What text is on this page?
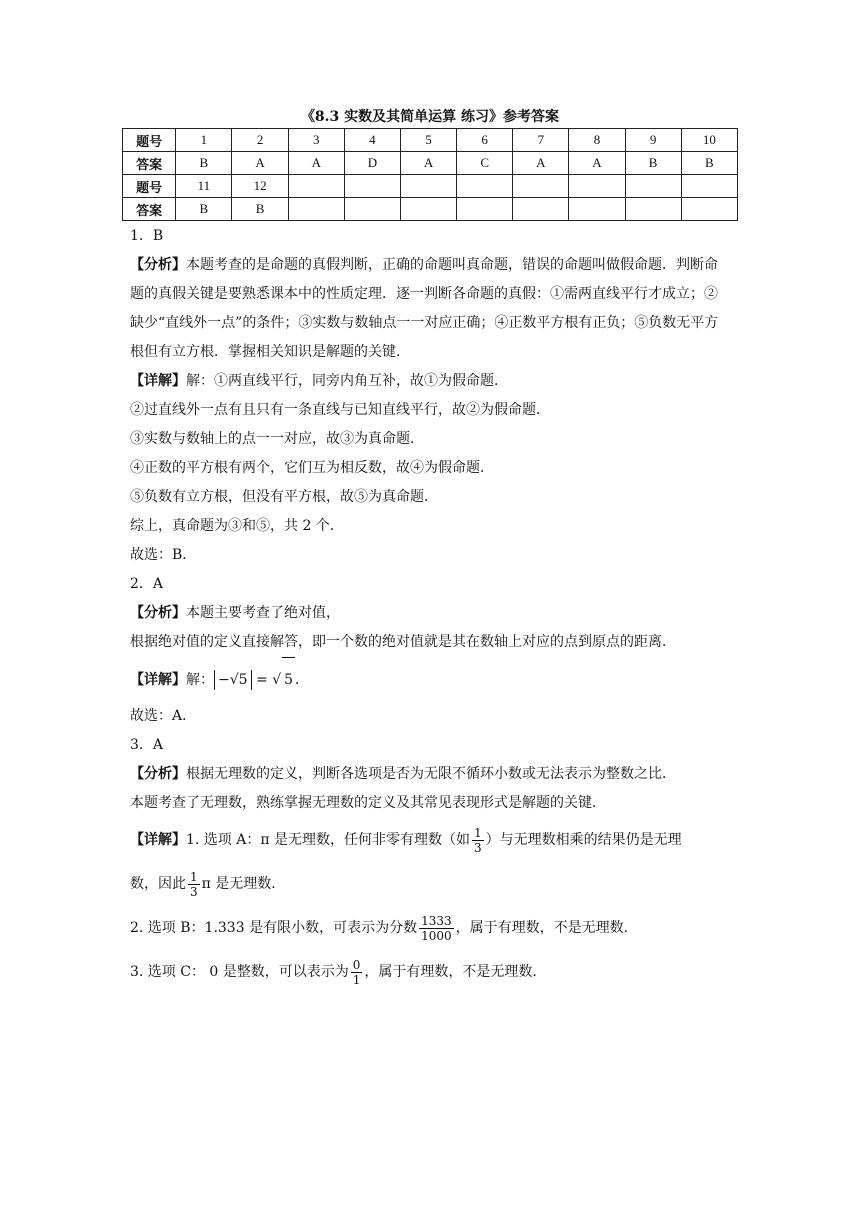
《8.3 实数及其简单运算 练习》参考答案
题号	1	2	3	4	5	6	7	8	9	10
答案	B	A	A	D	A	C	A	A	B	B
题号	11	12								
答案	B	B								

1．B

【分析】本题考查的是命题的真假判断，正确的命题叫真命题，错误的命题叫做假命题．判断命题的真假关键是要熟悉课本中的性质定理．逐一判断各命题的真假：①需两直线平行才成立；②缺少“直线外一点”的条件；③实数与数轴点一一对应正确；④正数平方根有正负；⑤负数无平方根但有立方根．掌握相关知识是解题的关键．

【详解】解：①两直线平行，同旁内角互补，故①为假命题．

②过直线外一点有且只有一条直线与已知直线平行，故②为假命题．

③实数与数轴上的点一一对应，故③为真命题．

④正数的平方根有两个，它们互为相反数，故④为假命题．

⑤负数有立方根，但没有平方根，故⑤为真命题．

综上，真命题为③和⑤，共 2 个．

故选：B．

2．A

【分析】本题主要考查了绝对值，

根据绝对值的定义直接解答，即一个数的绝对值就是其在数轴上对应的点到原点的距离．

【详解】解： −√5 = √ 5 ．

故选：A．

3．A

【分析】根据无理数的定义，判断各选项是否为无限不循环小数或无法表示为整数之比．

本题考查了无理数，熟练掌握无理数的定义及其常见表现形式是解题的关键．

【详解】1. 选项 A：π 是无理数，任何非零有理数（如 $\frac{1}{3}$ ）与无理数相乘的结果仍是无理

数，因此 $\frac{1}{3}$ π 是无理数．

2. 选项 B：1.333 是有限小数，可表示为分数 $\frac{1333}{1000}$ ，属于有理数，不是无理数．

3. 选项 C： 0 是整数，可以表示为 $\frac{0}{1}$ ，属于有理数，不是无理数．
